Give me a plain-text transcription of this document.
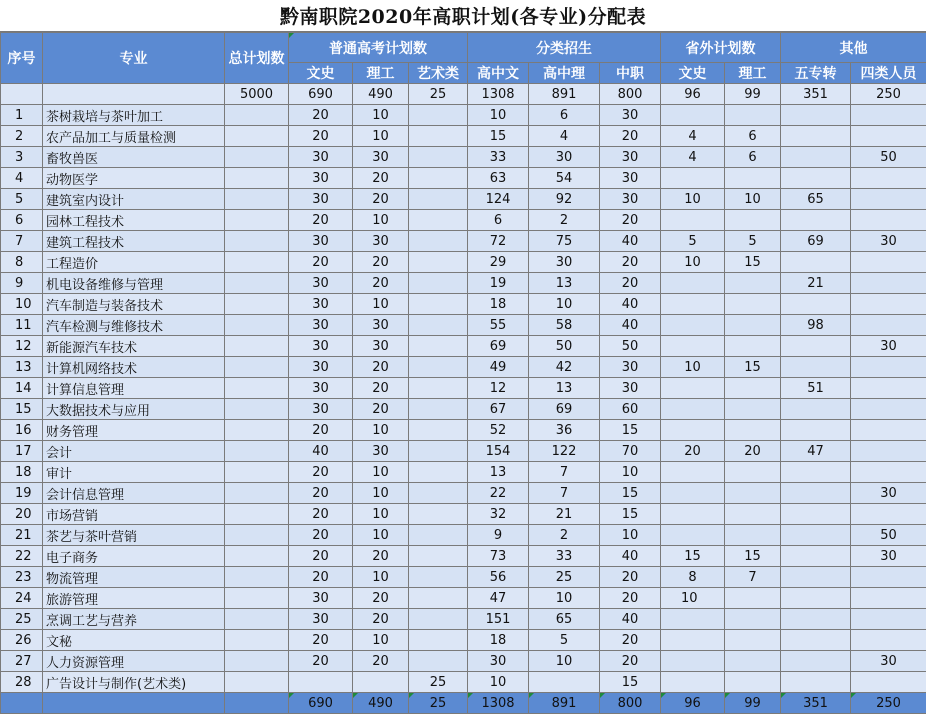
黔南职院2020年高职计划(各专业)分配表
序号	专业	总计划数	普通高考计划数			分类招生			省外计划数		其他	
			文史	理工	艺术类	高中文	高中理	中职	文史	理工	五专转	四类人员
		5000	690	490	25	1308	891	800	96	99	351	250
1	茶树栽培与茶叶加工		20	10		10	6	30				
2	农产品加工与质量检测		20	10		15	4	20	4	6		
3	畜牧兽医		30	30		33	30	30	4	6		50
4	动物医学		30	20		63	54	30				
5	建筑室内设计		30	20		124	92	30	10	10	65	
6	园林工程技术		20	10		6	2	20				
7	建筑工程技术		30	30		72	75	40	5	5	69	30
8	工程造价		20	20		29	30	20	10	15		
9	机电设备维修与管理		30	20		19	13	20			21	
10	汽车制造与装备技术		30	10		18	10	40				
11	汽车检测与维修技术		30	30		55	58	40			98	
12	新能源汽车技术		30	30		69	50	50				30
13	计算机网络技术		30	20		49	42	30	10	15		
14	计算信息管理		30	20		12	13	30			51	
15	大数据技术与应用		30	20		67	69	60				
16	财务管理		20	10		52	36	15				
17	会计		40	30		154	122	70	20	20	47	
18	审计		20	10		13	7	10				
19	会计信息管理		20	10		22	7	15				30
20	市场营销		20	10		32	21	15				
21	茶艺与茶叶营销		20	10		9	2	10				50
22	电子商务		20	20		73	33	40	15	15		30
23	物流管理		20	10		56	25	20	8	7		
24	旅游管理		30	20		47	10	20	10			
25	烹调工艺与营养		30	20		151	65	40				
26	文秘		20	10		18	5	20				
27	人力资源管理		20	20		30	10	20				30
28	广告设计与制作(艺术类)				25	10		15				
			690	490	25	1308	891	800	96	99	351	250
